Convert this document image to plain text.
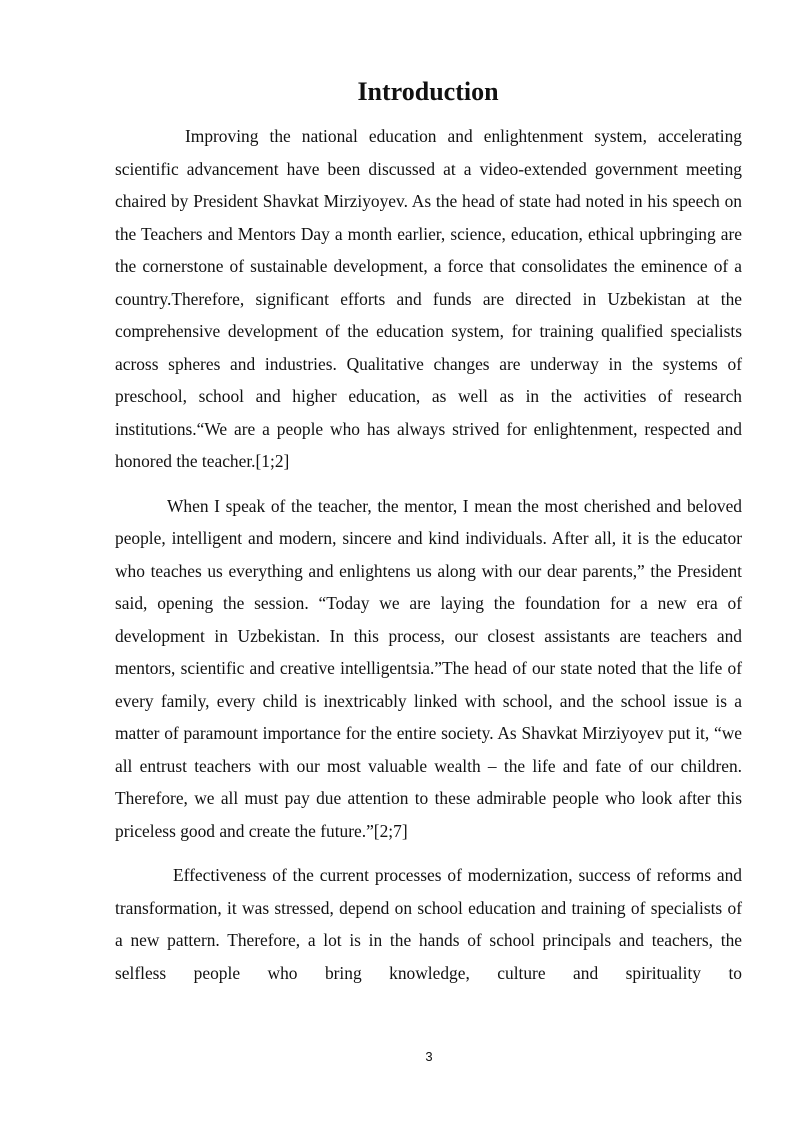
Introduction

Improving the national education and enlightenment system, accelerating scientific advancement have been discussed at a video-extended government meeting chaired by President Shavkat Mirziyoyev. As the head of state had noted in his speech on the Teachers and Mentors Day a month earlier, science, education, ethical upbringing are the cornerstone of sustainable development, a force that consolidates the eminence of a country.Therefore, significant efforts and funds are directed in Uzbekistan at the comprehensive development of the education system, for training qualified specialists across spheres and industries. Qualitative changes are underway in the systems of preschool, school and higher education, as well as in the activities of research institutions.“We are a people who has always strived for enlightenment, respected and honored the teacher.[1;2]

When I speak of the teacher, the mentor, I mean the most cherished and beloved people, intelligent and modern, sincere and kind individuals. After all, it is the educator who teaches us everything and enlightens us along with our dear parents,” the President said, opening the session. “Today we are laying the foundation for a new era of development in Uzbekistan. In this process, our closest assistants are teachers and mentors, scientific and creative intelligentsia.”The head of our state noted that the life of every family, every child is inextricably linked with school, and the school issue is a matter of paramount importance for the entire society. As Shavkat Mirziyoyev put it, “we all entrust teachers with our most valuable wealth – the life and fate of our children. Therefore, we all must pay due attention to these admirable people who look after this priceless good and create the future.”[2;7]

Effectiveness of the current processes of modernization, success of reforms and transformation, it was stressed, depend on school education and training of specialists of a new pattern. Therefore, a lot is in the hands of school principals and teachers, the selfless people who bring knowledge, culture and spirituality to

3
